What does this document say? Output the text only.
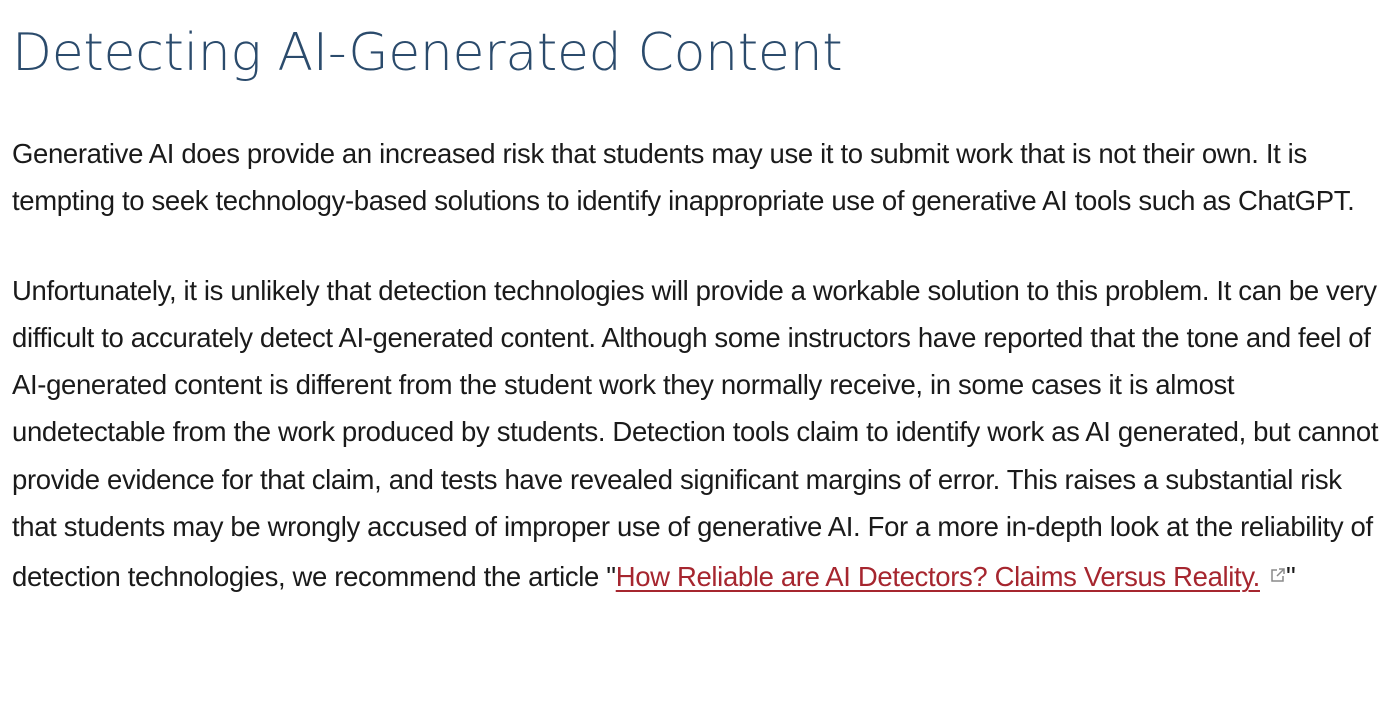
Detecting AI-Generated Content

Generative AI does provide an increased risk that students may use it to submit work that is not their own. It is tempting to seek technology-based solutions to identify inappropriate use of generative AI tools such as ChatGPT.

Unfortunately, it is unlikely that detection technologies will provide a workable solution to this problem. It can be very difficult to accurately detect AI-generated content. Although some instructors have reported that the tone and feel of AI-generated content is different from the student work they normally receive, in some cases it is almost undetectable from the work produced by students. Detection tools claim to identify work as AI generated, but cannot provide evidence for that claim, and tests have revealed significant margins of error. This raises a substantial risk that students may be wrongly accused of improper use of generative AI. For a more in-depth look at the reliability of detection technologies, we recommend the article "How Reliable are AI Detectors? Claims Versus Reality. "
